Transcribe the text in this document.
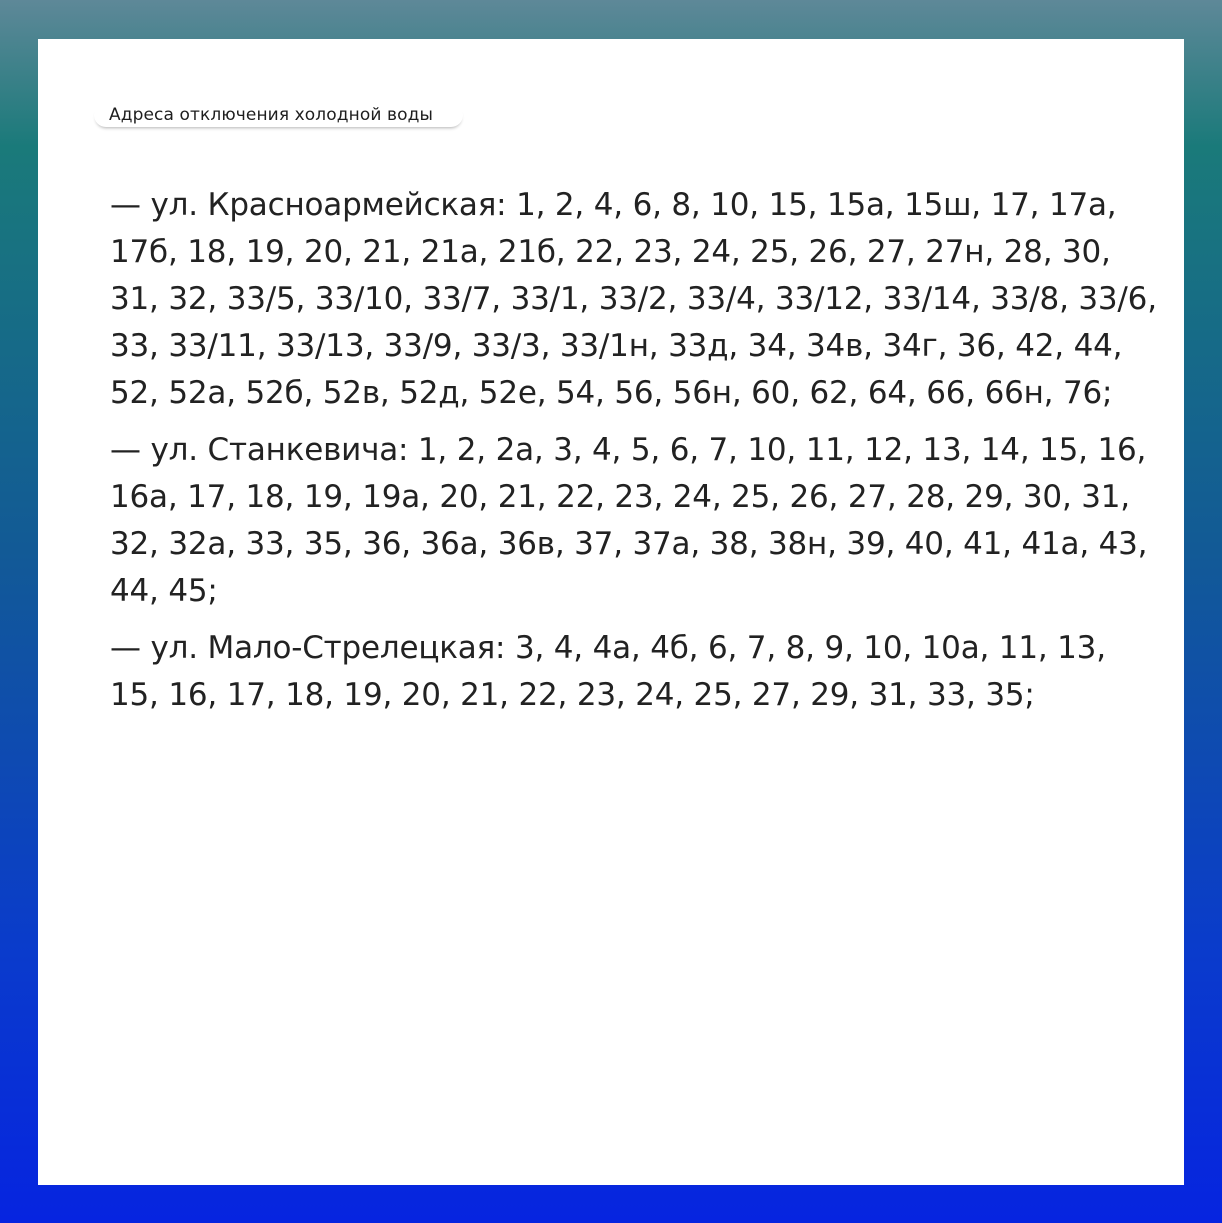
Адреса отключения холодной воды

— ул. Красноармейская: 1, 2, 4, 6, 8, 10, 15, 15а, 15ш, 17, 17а, 17б, 18, 19, 20, 21, 21а, 21б, 22, 23, 24, 25, 26, 27, 27н, 28, 30, 31, 32, 33/5, 33/10, 33/7, 33/1, 33/2, 33/4, 33/12, 33/14, 33/8, 33/6, 33, 33/11, 33/13, 33/9, 33/3, 33/1н, 33д, 34, 34в, 34г, 36, 42, 44, 52, 52а, 52б, 52в, 52д, 52е, 54, 56, 56н, 60, 62, 64, 66, 66н, 76;

— ул. Станкевича: 1, 2, 2а, 3, 4, 5, 6, 7, 10, 11, 12, 13, 14, 15, 16, 16а, 17, 18, 19, 19а, 20, 21, 22, 23, 24, 25, 26, 27, 28, 29, 30, 31, 32, 32а, 33, 35, 36, 36а, 36в, 37, 37а, 38, 38н, 39, 40, 41, 41а, 43, 44, 45;

— ул. Мало-Стрелецкая: 3, 4, 4а, 4б, 6, 7, 8, 9, 10, 10а, 11, 13, 15, 16, 17, 18, 19, 20, 21, 22, 23, 24, 25, 27, 29, 31, 33, 35;
